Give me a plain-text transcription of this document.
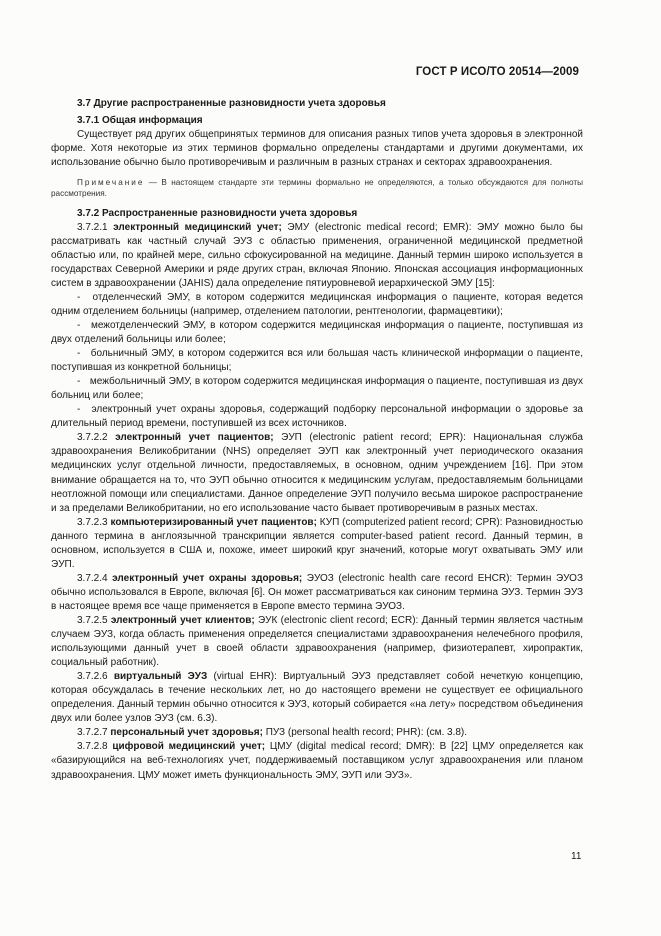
ГОСТ Р ИСО/ТО 20514—2009

3.7 Другие распространенные разновидности учета здоровья

3.7.1 Общая информация

Существует ряд других общепринятых терминов для описания разных типов учета здоровья в электронной форме. Хотя некоторые из этих терминов формально определены стандартами и другими документами, их использование обычно было противоречивым и различным в разных странах и секторах здравоохранения.

Примечание — В настоящем стандарте эти термины формально не определяются, а только обсуждаются для полноты рассмотрения.

3.7.2 Распространенные разновидности учета здоровья

3.7.2.1 электронный медицинский учет; ЭМУ (electronic medical record; EMR): ЭМУ можно было бы рассматривать как частный случай ЭУЗ с областью применения, ограниченной медицинской предметной областью или, по крайней мере, сильно сфокусированной на медицине. Данный термин широко используется в государствах Северной Америки и ряде других стран, включая Японию. Японская ассоциация информационных систем в здравоохранении (JAHIS) дала определение пятиуровневой иерархической ЭМУ [15]:

- отделенческий ЭМУ, в котором содержится медицинская информация о пациенте, которая ведется одним отделением больницы (например, отделением патологии, рентгенологии, фармацевтики);

- межотделенческий ЭМУ, в котором содержится медицинская информация о пациенте, поступившая из двух отделений больницы или более;

- больничный ЭМУ, в котором содержится вся или большая часть клинической информации о пациенте, поступившая из конкретной больницы;

- межбольничный ЭМУ, в котором содержится медицинская информация о пациенте, поступившая из двух больниц или более;

- электронный учет охраны здоровья, содержащий подборку персональной информации о здоровье за длительный период времени, поступившей из всех источников.

3.7.2.2 электронный учет пациентов; ЭУП (electronic patient record; EPR): Национальная служба здравоохранения Великобритании (NHS) определяет ЭУП как электронный учет периодического оказания медицинских услуг отдельной личности, предоставляемых, в основном, одним учреждением [16]. При этом внимание обращается на то, что ЭУП обычно относится к медицинским услугам, предоставляемым больницами неотложной помощи или специалистами. Данное определение ЭУП получило весьма широкое распространение и за пределами Великобритании, но его использование часто бывает противоречивым в разных местах.

3.7.2.3 компьютеризированный учет пациентов; КУП (computerized patient record; CPR): Разновидностью данного термина в англоязычной транскрипции является computer-based patient record. Данный термин, в основном, используется в США и, похоже, имеет широкий круг значений, которые могут охватывать ЭМУ или ЭУП.

3.7.2.4 электронный учет охраны здоровья; ЭУОЗ (electronic health care record EHCR): Термин ЭУОЗ обычно использовался в Европе, включая [6]. Он может рассматриваться как синоним термина ЭУЗ. Термин ЭУЗ в настоящее время все чаще применяется в Европе вместо термина ЭУОЗ.

3.7.2.5 электронный учет клиентов; ЭУК (electronic client record; ECR): Данный термин является частным случаем ЭУЗ, когда область применения определяется специалистами здравоохранения нелечебного профиля, использующими данный учет в своей области здравоохранения (например, физиотерапевт, хиропрактик, социальный работник).

3.7.2.6 виртуальный ЭУЗ (virtual EHR): Виртуальный ЭУЗ представляет собой нечеткую концепцию, которая обсуждалась в течение нескольких лет, но до настоящего времени не существует ее официального определения. Данный термин обычно относится к ЭУЗ, который собирается «на лету» посредством объединения двух или более узлов ЭУЗ (см. 6.3).

3.7.2.7 персональный учет здоровья; ПУЗ (personal health record; PHR): (см. 3.8).

3.7.2.8 цифровой медицинский учет; ЦМУ (digital medical record; DMR): В [22] ЦМУ определяется как «базирующийся на веб-технологиях учет, поддерживаемый поставщиком услуг здравоохранения или планом здравоохранения. ЦМУ может иметь функциональность ЭМУ, ЭУП или ЭУЗ».

11
